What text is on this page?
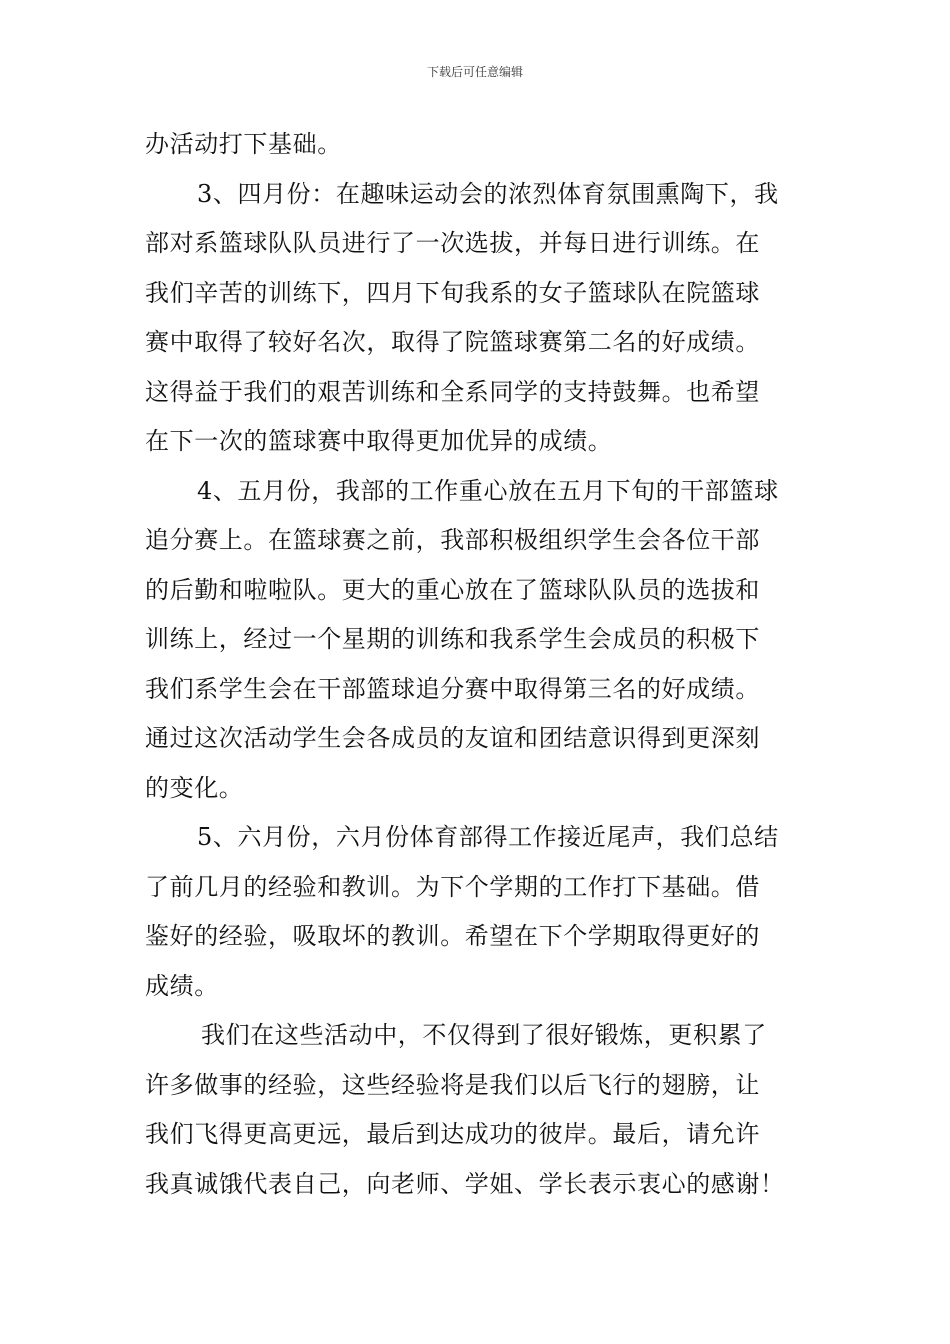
下载后可任意编辑
办活动打下基础。
3、四月份：在趣味运动会的浓烈体育氛围熏陶下，我
部对系篮球队队员进行了一次选拔，并每日进行训练。在
我们辛苦的训练下，四月下旬我系的女子篮球队在院篮球
赛中取得了较好名次，取得了院篮球赛第二名的好成绩。
这得益于我们的艰苦训练和全系同学的支持鼓舞。也希望
在下一次的篮球赛中取得更加优异的成绩。
4、五月份，我部的工作重心放在五月下旬的干部篮球
追分赛上。在篮球赛之前，我部积极组织学生会各位干部
的后勤和啦啦队。更大的重心放在了篮球队队员的选拔和
训练上，经过一个星期的训练和我系学生会成员的积极下
我们系学生会在干部篮球追分赛中取得第三名的好成绩。
通过这次活动学生会各成员的友谊和团结意识得到更深刻
的变化。
5、六月份，六月份体育部得工作接近尾声，我们总结
了前几月的经验和教训。为下个学期的工作打下基础。借
鉴好的经验，吸取坏的教训。希望在下个学期取得更好的
成绩。
我们在这些活动中，不仅得到了很好锻炼，更积累了
许多做事的经验，这些经验将是我们以后飞行的翅膀，让
我们飞得更高更远，最后到达成功的彼岸。最后，请允许
我真诚饿代表自己，向老师、学姐、学长表示衷心的感谢！
